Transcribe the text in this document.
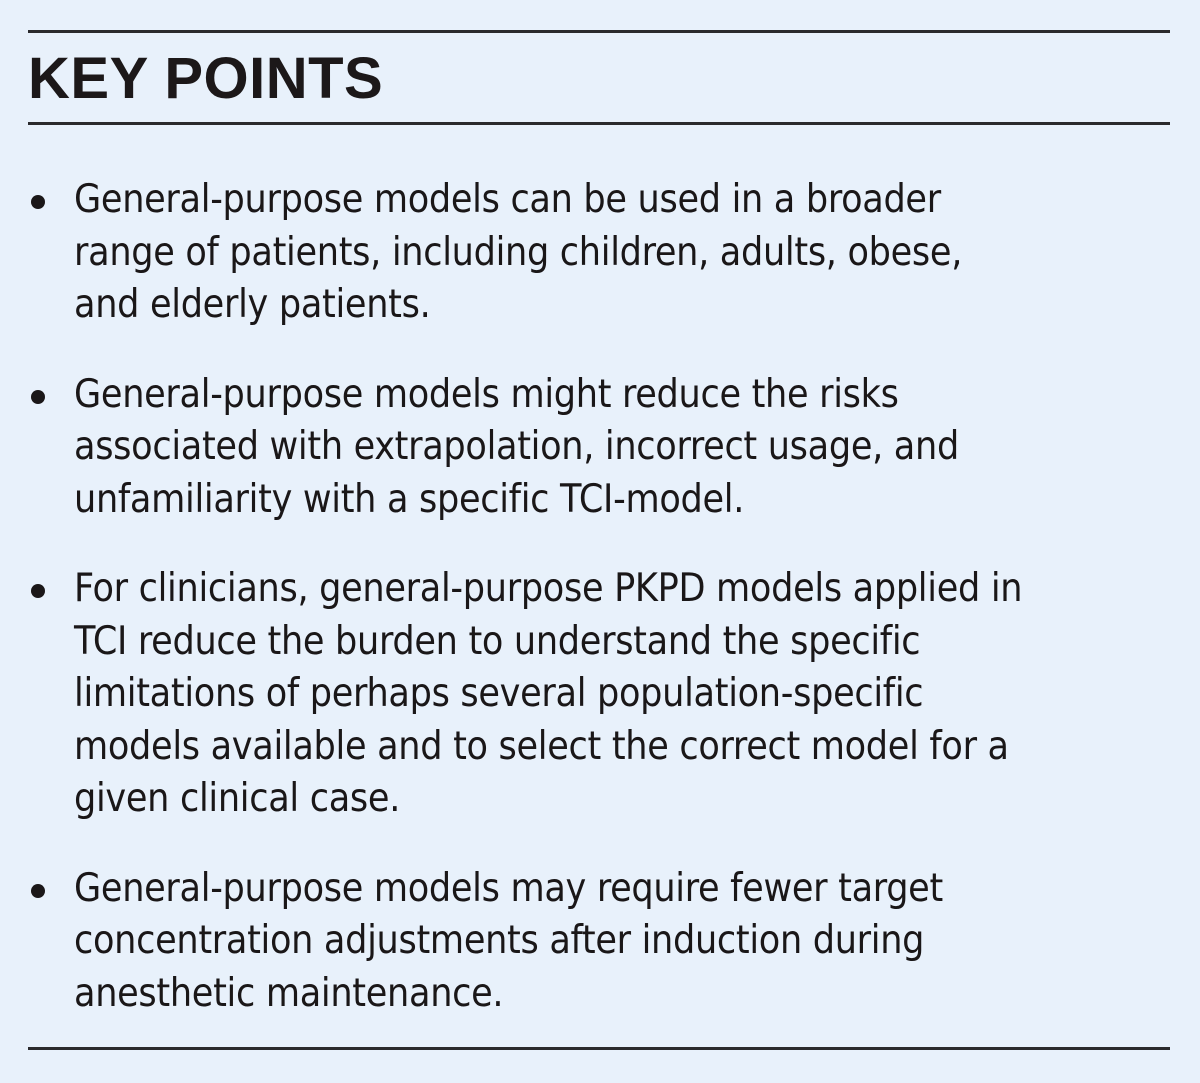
KEY POINTS
General-purpose models can be used in a broader
range of patients, including children, adults, obese,
and elderly patients.
General-purpose models might reduce the risks
associated with extrapolation, incorrect usage, and
unfamiliarity with a specific TCI-model.
For clinicians, general-purpose PKPD models applied in
TCI reduce the burden to understand the specific
limitations of perhaps several population-specific
models available and to select the correct model for a
given clinical case.
General-purpose models may require fewer target
concentration adjustments after induction during
anesthetic maintenance.
